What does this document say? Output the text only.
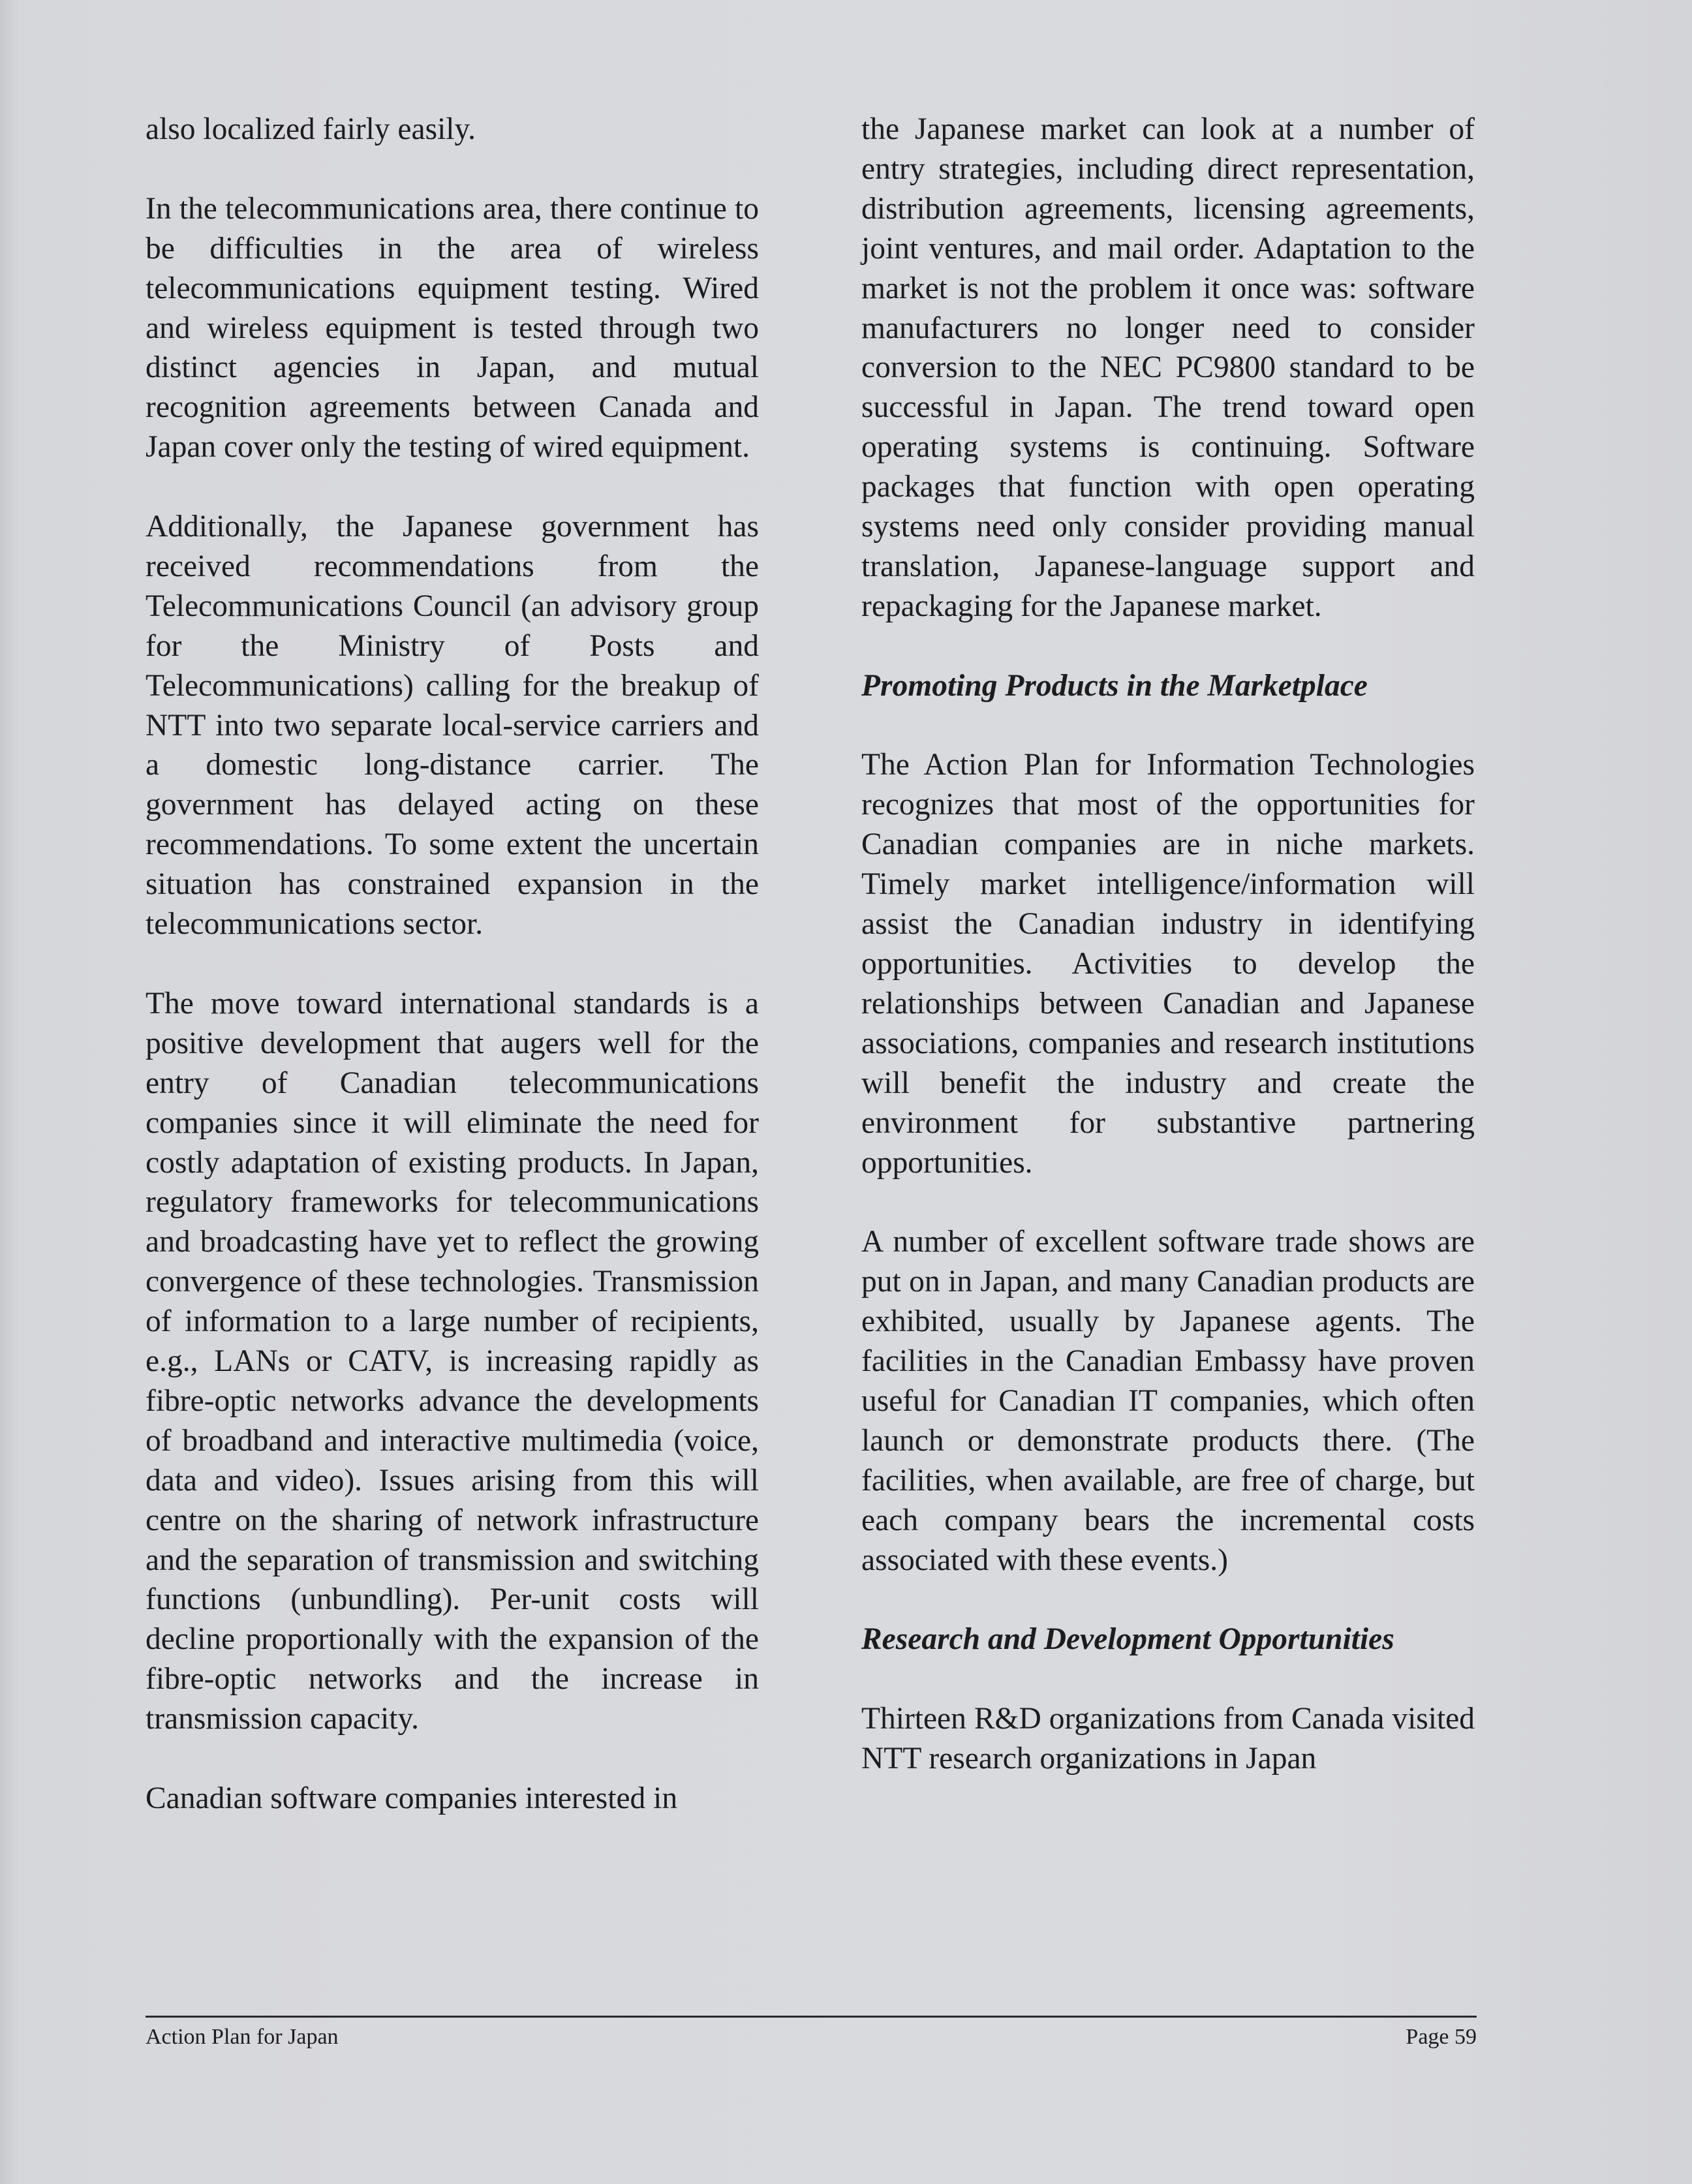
also localized fairly easily.

In the telecommunications area, there continue to be difficulties in the area of wireless telecommunications equipment testing. Wired and wireless equipment is tested through two distinct agencies in Japan, and mutual recognition agreements between Canada and Japan cover only the testing of wired equipment.

Additionally, the Japanese government has received recommendations from the Telecommunications Council (an advisory group for the Ministry of Posts and Telecommunications) calling for the breakup of NTT into two separate local-service carriers and a domestic long-distance carrier. The government has delayed acting on these recommendations. To some extent the uncertain situation has constrained expansion in the telecommunications sector.

The move toward international standards is a positive development that augers well for the entry of Canadian telecommunications companies since it will eliminate the need for costly adaptation of existing products. In Japan, regulatory frameworks for telecommunications and broadcasting have yet to reflect the growing convergence of these technologies. Transmission of information to a large number of recipients, e.g., LANs or CATV, is increasing rapidly as fibre-optic networks advance the developments of broadband and interactive multimedia (voice, data and video). Issues arising from this will centre on the sharing of network infrastructure and the separation of transmission and switching functions (unbundling). Per-unit costs will decline proportionally with the expansion of the fibre-optic networks and the increase in transmission capacity.

Canadian software companies interested in

the Japanese market can look at a number of entry strategies, including direct representation, distribution agreements, licensing agreements, joint ventures, and mail order. Adaptation to the market is not the problem it once was: software manufacturers no longer need to consider conversion to the NEC PC9800 standard to be successful in Japan. The trend toward open operating systems is continuing. Software packages that function with open operating systems need only consider providing manual translation, Japanese-language support and repackaging for the Japanese market.

Promoting Products in the Marketplace

The Action Plan for Information Technologies recognizes that most of the opportunities for Canadian companies are in niche markets. Timely market intelligence/information will assist the Canadian industry in identifying opportunities. Activities to develop the relationships between Canadian and Japanese associations, companies and research institutions will benefit the industry and create the environment for substantive partnering opportunities.

A number of excellent software trade shows are put on in Japan, and many Canadian products are exhibited, usually by Japanese agents. The facilities in the Canadian Embassy have proven useful for Canadian IT companies, which often launch or demonstrate products there. (The facilities, when available, are free of charge, but each company bears the incremental costs associated with these events.)

Research and Development Opportunities

Thirteen R&D organizations from Canada visited NTT research organizations in Japan

Action Plan for Japan	Page 59
